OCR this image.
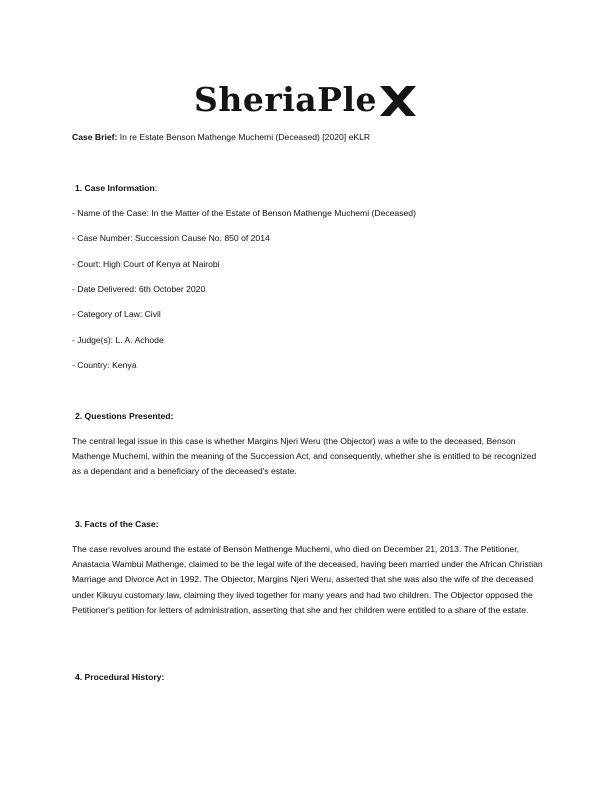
SheriaPle
Case Brief: In re Estate Benson Mathenge Muchemi (Deceased) [2020] eKLR
1. Case Information:
- Name of the Case: In the Matter of the Estate of Benson Mathenge Muchemi (Deceased)
- Case Number: Succession Cause No. 850 of 2014
- Court: High Court of Kenya at Nairobi
- Date Delivered: 6th October 2020
- Category of Law: Civil
- Judge(s): L. A. Achode
- Country: Kenya
2. Questions Presented:

The central legal issue in this case is whether Margins Njeri Weru (the Objector) was a wife to the deceased, Benson Mathenge Muchemi, within the meaning of the Succession Act, and consequently, whether she is entitled to be recognized as a dependant and a beneficiary of the deceased's estate.

3. Facts of the Case:

The case revolves around the estate of Benson Mathenge Muchemi, who died on December 21, 2013. The Petitioner, Anastacia Wambui Mathenge, claimed to be the legal wife of the deceased, having been married under the African Christian Marriage and Divorce Act in 1992. The Objector, Margins Njeri Weru, asserted that she was also the wife of the deceased under Kikuyu customary law, claiming they lived together for many years and had two children. The Objector opposed the Petitioner's petition for letters of administration, asserting that she and her children were entitled to a share of the estate.

4. Procedural History:
